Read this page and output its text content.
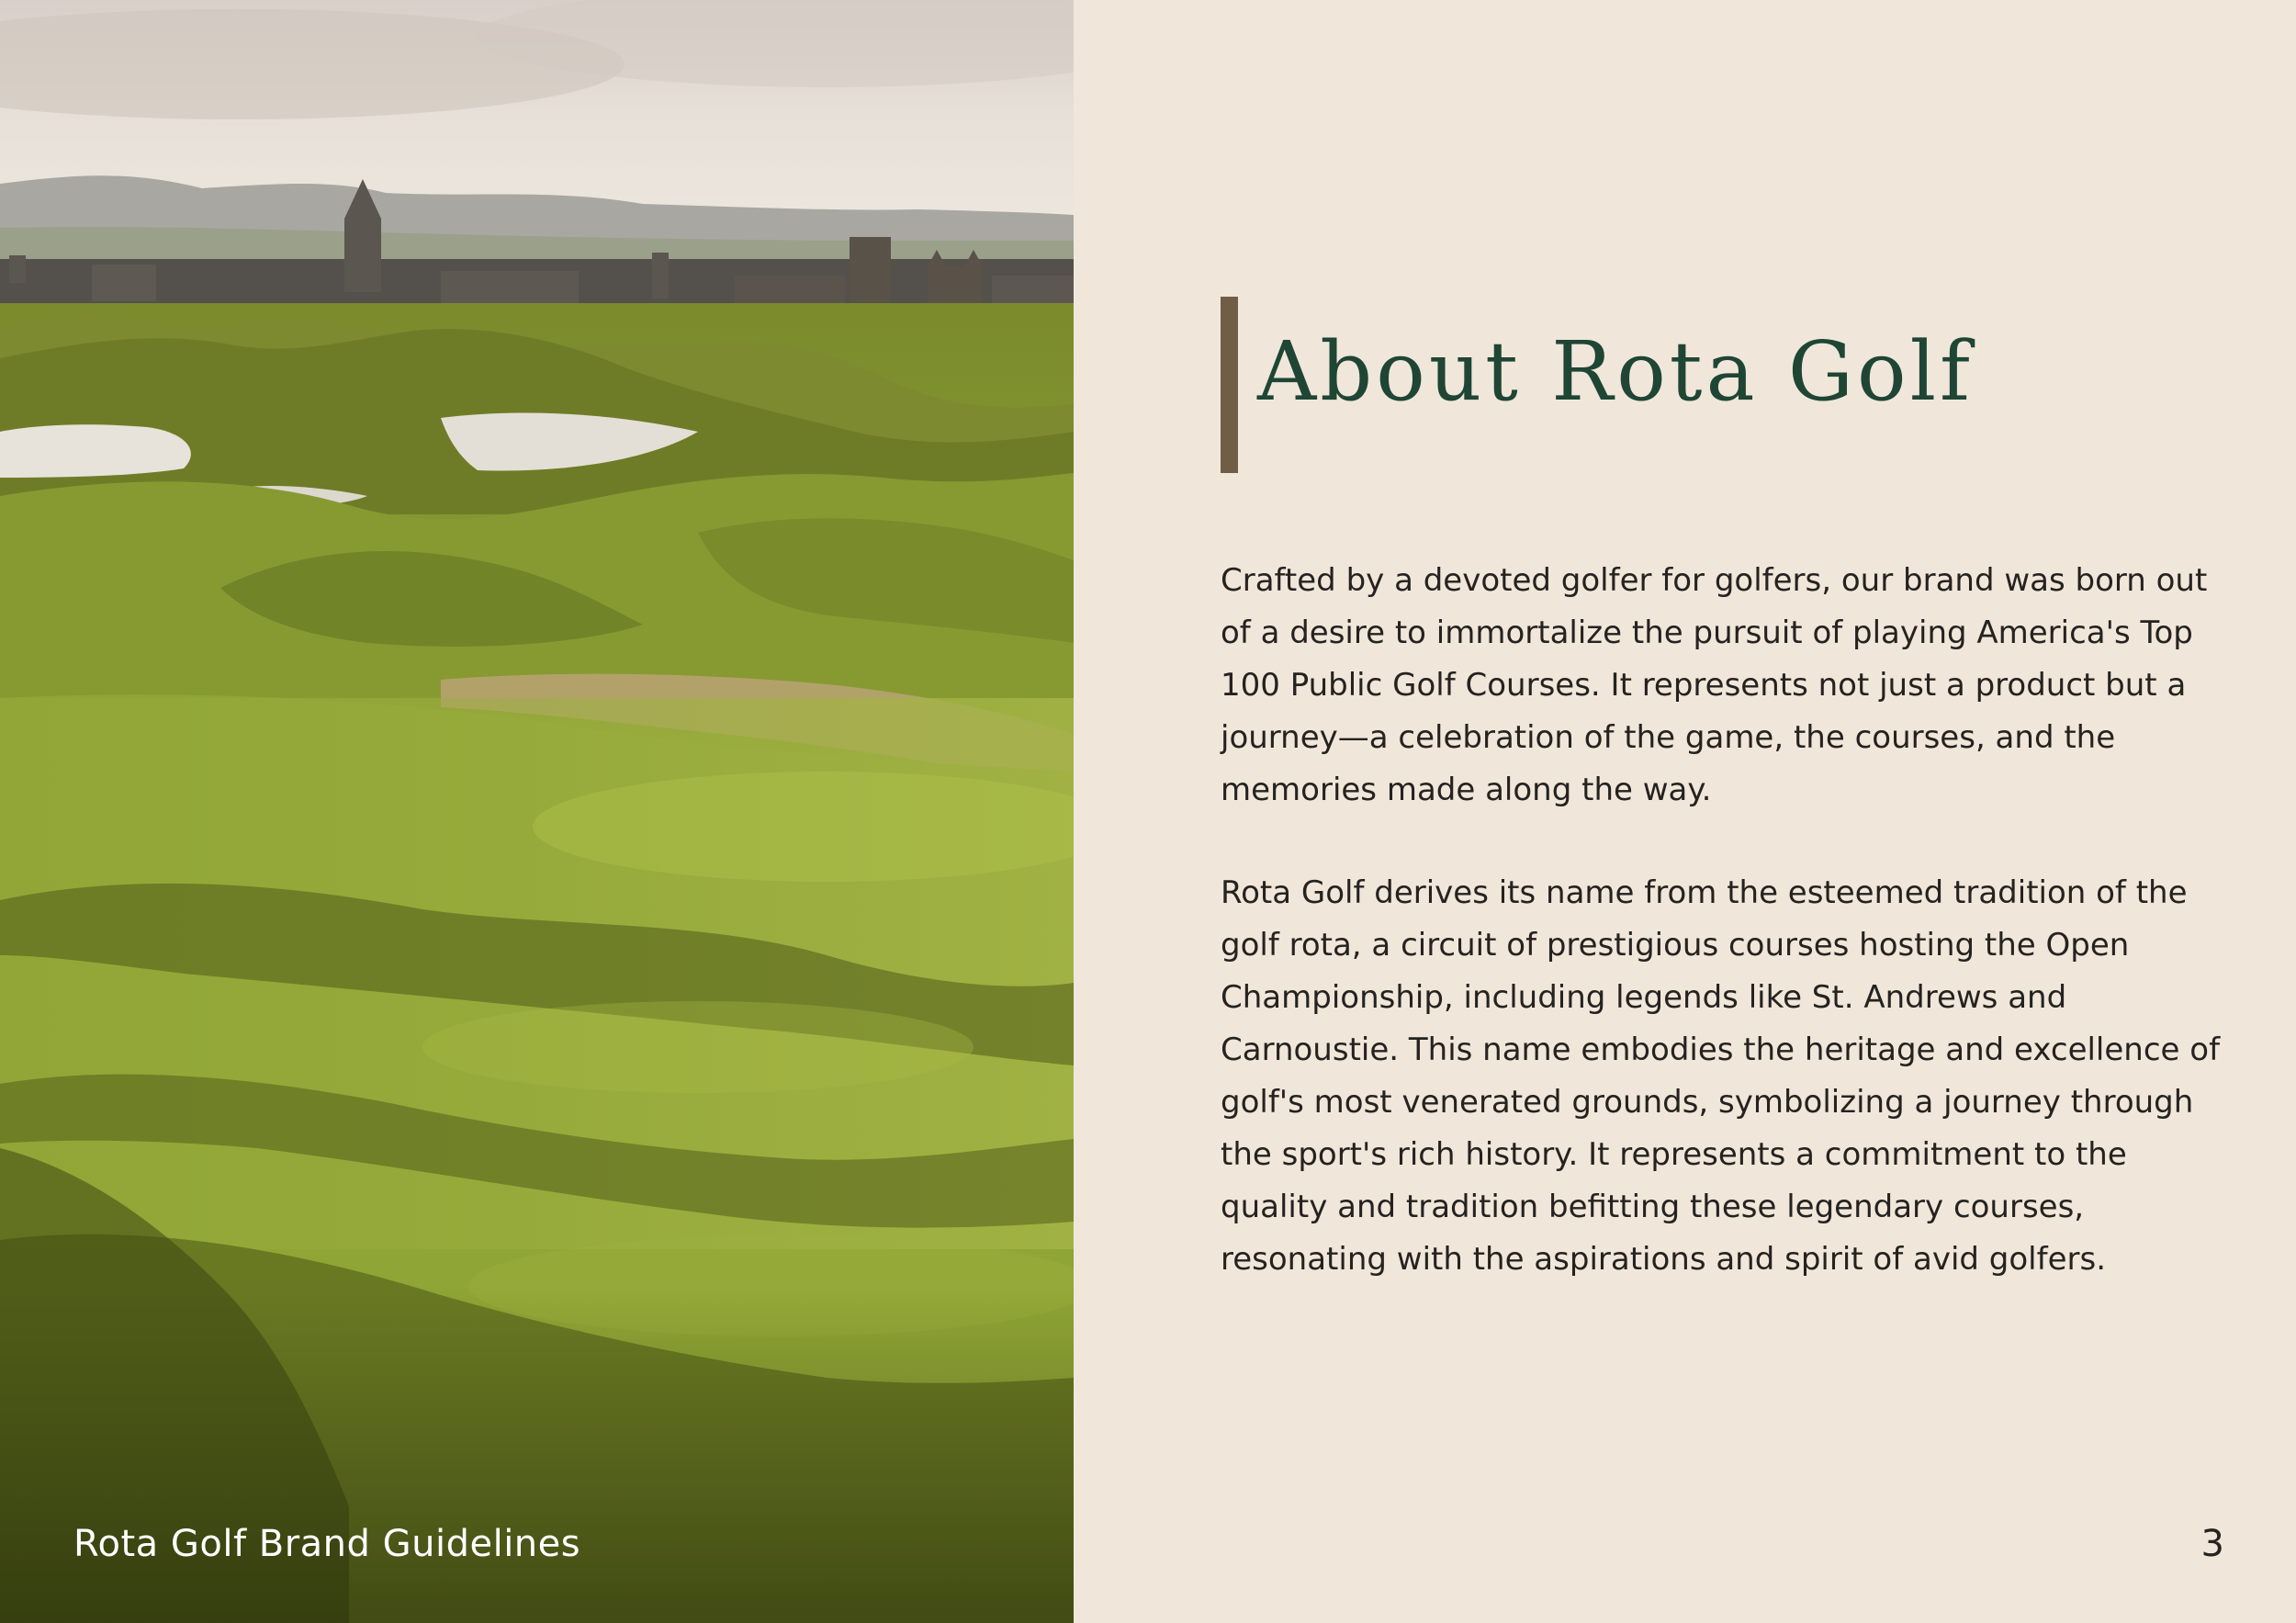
Rota Golf Brand Guidelines
About Rota Golf

Crafted by a devoted golfer for golfers, our brand was born out of a desire to immortalize the pursuit of playing America's Top 100 Public Golf Courses. It represents not just a product but a journey—a celebration of the game, the courses, and the memories made along the way.

Rota Golf derives its name from the esteemed tradition of the golf rota, a circuit of prestigious courses hosting the Open Championship, including legends like St. Andrews and Carnoustie. This name embodies the heritage and excellence of golf's most venerated grounds, symbolizing a journey through the sport's rich history. It represents a commitment to the quality and tradition befitting these legendary courses, resonating with the aspirations and spirit of avid golfers.

3
